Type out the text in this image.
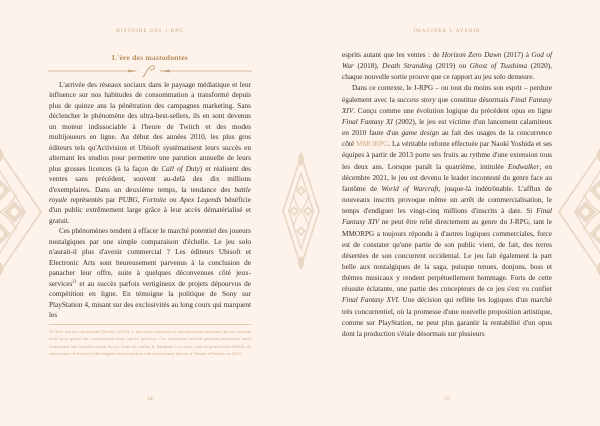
HISTOIRE DES J-RPG
L'ère des mastodontes

L'arrivée des réseaux sociaux dans le paysage médiatique et leur influence sur nos habitudes de consommation a transformé depuis plus de quinze ans la pénétration des campagnes marketing. Sans déclencher le phénomène des ultra-best-sellers, ils en sont devenus un moteur indissociable à l'heure de Twitch et des modes multijoueurs en ligne. Au début des années 2010, les plus gros éditeurs tels qu'Activision et Ubisoft systématisent leurs succès en alternant les studios pour permettre une parution annuelle de leurs plus grosses licences (à la façon de Call of Duty) et réalisent des ventes sans précédent, souvent au-delà des dix millions d'exemplaires. Dans un deuxième temps, la tendance des battle royale représentés par PUBG, Fortnite ou Apex Legends bénéficie d'un public extrêmement large grâce à leur accès dématérialisé et gratuit.

Ces phénomènes tendent à effacer le marché potentiel des joueurs nostalgiques par une simple comparaison d'échelle. Le jeu solo n'aurait-il plus d'avenir commercial ? Les éditeurs Ubisoft et Electronic Arts sont heureusement parvenus à la conclusion de panacher leur offre, suite à quelques déconvenues côté jeux-services$^{23}$ et au succès parfois vertigineux de projets dépourvus de compétition en ligne. En témoigne la politique de Sony sur PlayStation 4, misant sur des exclusivités au long cours qui marquent les

23 Avec son fer représentant Destiny (2014), le jeu-service propose un enrichissement perpétuel de son contenu tarifé pour glaner une communauté aussi captive qu'active. Ces extensions souvent payantes permettent aussi d'entretenir une actualité autour du jeu avant de confier le flambeau à sa suite, mais la gestion très difficile de cette source de fond s'est développée aboutit parfois à de retentissants fiascos, à l'image d'Anthem en 2019.
54
IMAGINER L'AVENIR

esprits autant que les ventes : de Horizon Zero Dawn (2017) à God of War (2018), Death Stranding (2019) ou Ghost of Tsushima (2020), chaque nouvelle sortie prouve que ce rapport au jeu solo demeure.

Dans ce contexte, le J-RPG – ou tout du moins son esprit – perdure également avec la success story que constitue désormais Final Fantasy XIV. Conçu comme une évolution logique du précédent opus en ligne Final Fantasy XI (2002), le jeu est victime d'un lancement calamiteux en 2010 faute d'un game design au fait des usages de la concurrence côté MMORPG. La véritable refonte effectuée par Naoki Yoshida et ses équipes à partir de 2013 porte ses fruits au rythme d'une extension tous les deux ans. Lorsque paraît la quatrième, intitulée Endwalker, en décembre 2021, le jeu est devenu le leader incontesté du genre face au fantôme de World of Warcraft, jusque-là indétrônable. L'afflux de nouveaux inscrits provoque même un arrêt de commercialisation, le temps d'endiguer les vingt-cinq millions d'inscrits à date. Si Final Fantasy XIV ne peut être relié directement au genre du J-RPG, tant le MMORPG a toujours répondu à d'autres logiques commerciales, force est de constater qu'une partie de son public vient, de fait, des terres désertées de son concurrent occidental. Le jeu fait également la part belle aux nostalgiques de la saga, puisque tenues, donjons, boss et thèmes musicaux y rendent perpétuellement hommage. Forts de cette réussite éclatante, une partie des concepteurs de ce jeu s'est vu confier Final Fantasy XVI. Une décision qui reflète les logiques d'un marché très concurrentiel, où la promesse d'une nouvelle proposition artistique, comme sur PlayStation, ne peut plus garantir la rentabilité d'un opus dont la production s'étale désormais sur plusieurs

55
